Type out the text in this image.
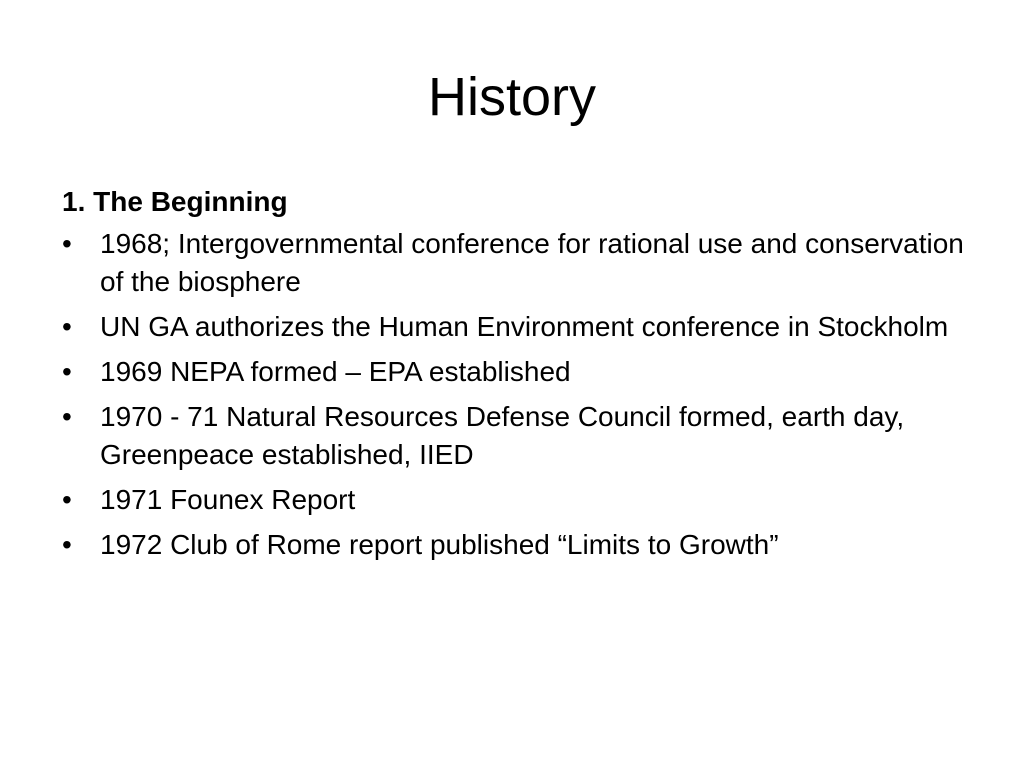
History
1. The Beginning
•	1968; Intergovernmental conference for rational use and conservation of the biosphere
•	UN GA authorizes the Human Environment conference in Stockholm
•	1969 NEPA formed – EPA established
•	1970 - 71 Natural Resources Defense Council formed, earth day, Greenpeace established, IIED
•	1971 Founex Report
•	1972 Club of Rome report published “Limits to Growth”
